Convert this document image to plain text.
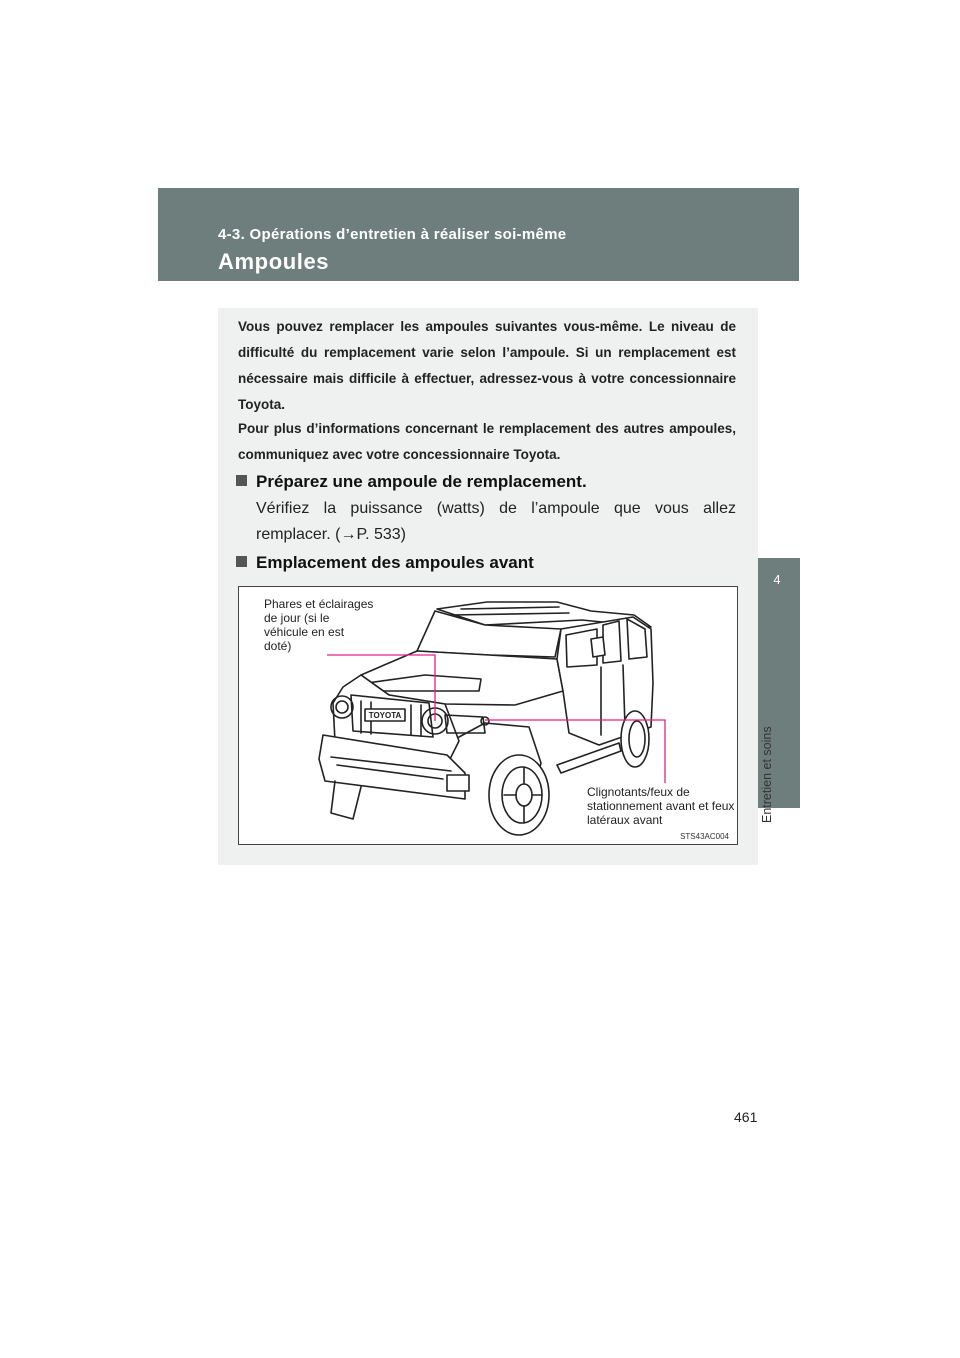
4-3. Opérations d’entretien à réaliser soi-même
Ampoules
4
Entretien et soins

Vous pouvez remplacer les ampoules suivantes vous-même. Le niveau de difficulté du remplacement varie selon l’ampoule. Si un remplacement est nécessaire mais difficile à effectuer, adressez-vous à votre concessionnaire Toyota.

Pour plus d’informations concernant le remplacement des autres ampoules, communiquez avec votre concessionnaire Toyota.

Préparez une ampoule de remplacement.

Vérifiez la puissance (watts) de l’ampoule que vous allez remplacer. (→P. 533)

Emplacement des ampoules avant
TOYOTA
Phares et éclairages de jour (si le véhicule en est doté)
Clignotants/feux de stationnement avant et feux latéraux avant
STS43AC004
461
